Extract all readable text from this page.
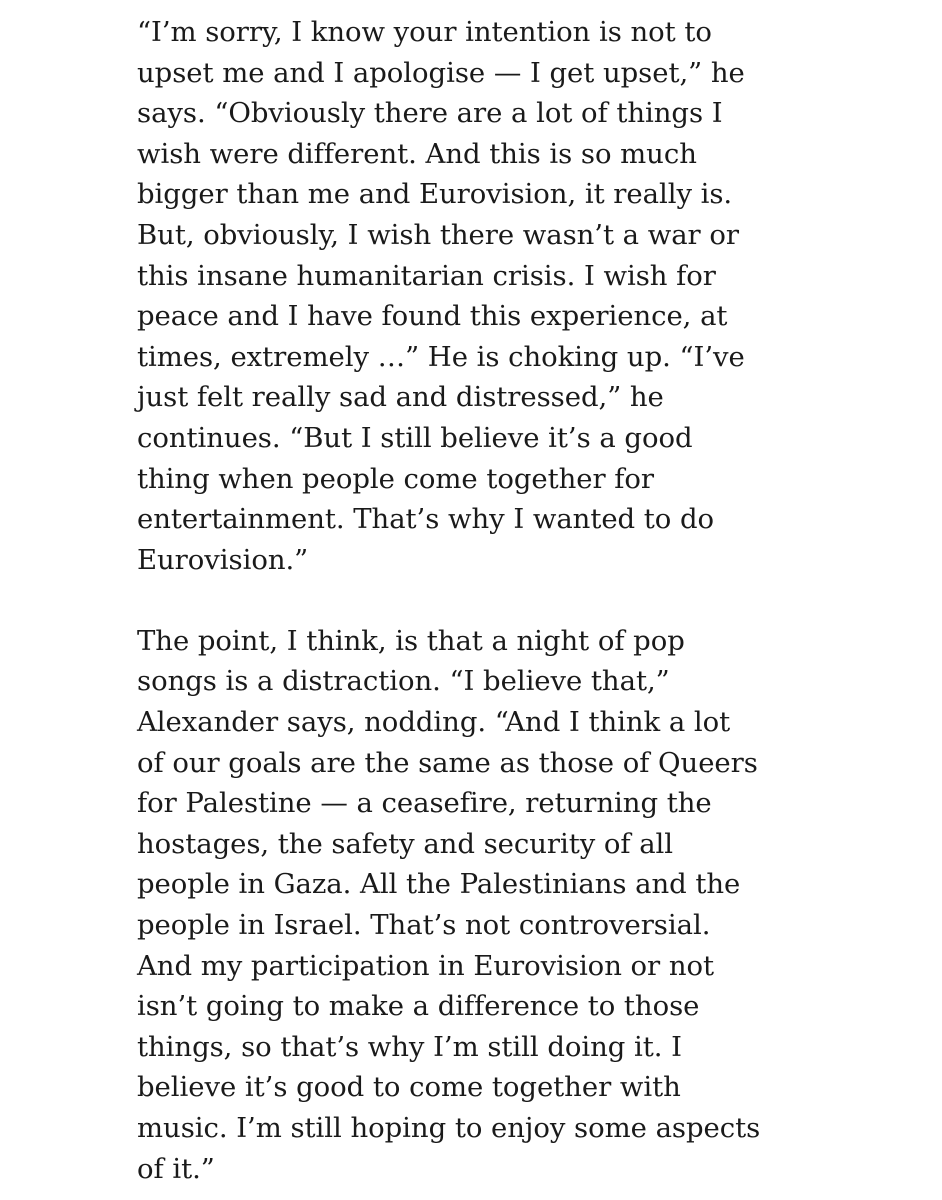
“I’m sorry, I know your intention is not to
upset me and I apologise — I get upset,” he
says. “Obviously there are a lot of things I
wish were different. And this is so much
bigger than me and Eurovision, it really is.
But, obviously, I wish there wasn’t a war or
this insane humanitarian crisis. I wish for
peace and I have found this experience, at
times, extremely …” He is choking up. “I’ve
just felt really sad and distressed,” he
continues. “But I still believe it’s a good
thing when people come together for
entertainment. That’s why I wanted to do
Eurovision.”

The point, I think, is that a night of pop
songs is a distraction. “I believe that,”
Alexander says, nodding. “And I think a lot
of our goals are the same as those of Queers
for Palestine — a ceasefire, returning the
hostages, the safety and security of all
people in Gaza. All the Palestinians and the
people in Israel. That’s not controversial.
And my participation in Eurovision or not
isn’t going to make a difference to those
things, so that’s why I’m still doing it. I
believe it’s good to come together with
music. I’m still hoping to enjoy some aspects
of it.”
